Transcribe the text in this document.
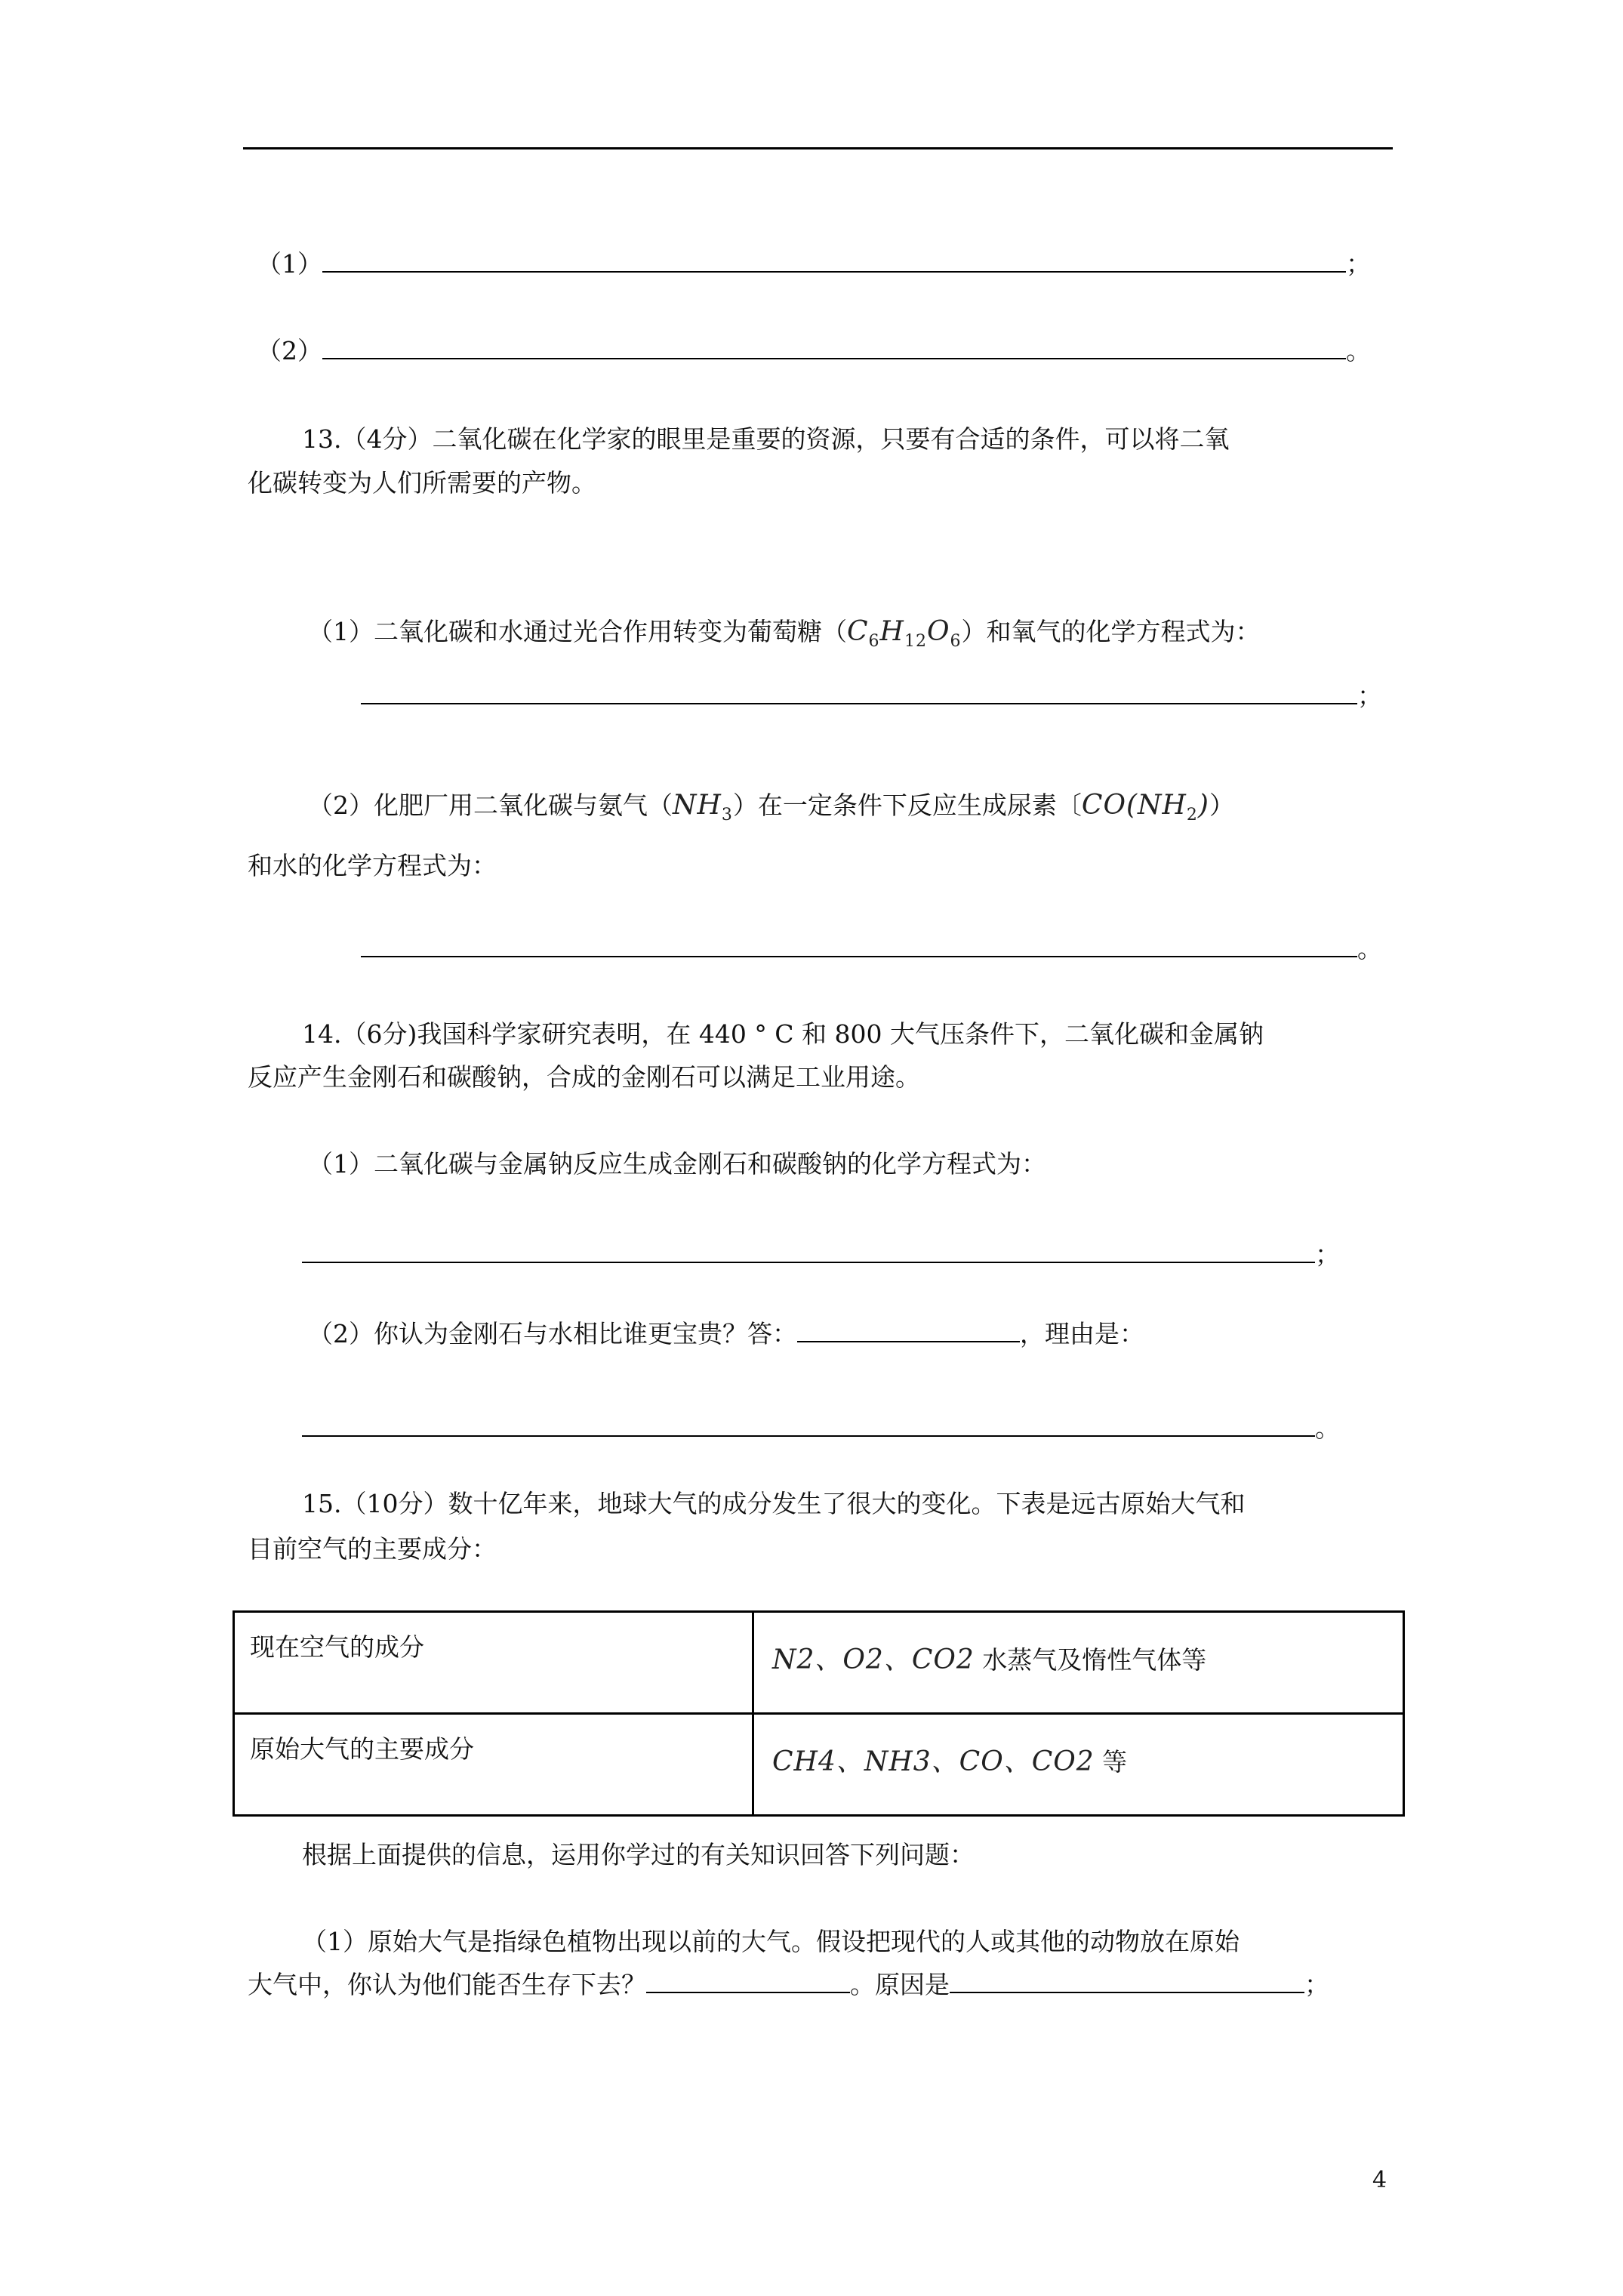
（1）	；
（2）	。
13.（4分）二氧化碳在化学家的眼里是重要的资源，只要有合适的条件，可以将二氧
化碳转变为人们所需要的产物。
（1）二氧化碳和水通过光合作用转变为葡萄糖$(C_6H_{12}O_6)$和氧气的化学方程式为：
；
（2）化肥厂用二氧化碳与氨气$(NH_3)$在一定条件下反应生成尿素〔$CO(NH_2)$）
和水的化学方程式为：
。
14.（6分)我国科学家研究表明，在 440 ° C 和 800 大气压条件下，二氧化碳和金属钠
反应产生金刚石和碳酸钠，合成的金刚石可以满足工业用途。
（1）二氧化碳与金属钠反应生成金刚石和碳酸钠的化学方程式为：
；
（2）你认为金刚石与水相比谁更宝贵？答：	，理由是：
。
15.（10分）数十亿年来，地球大气的成分发生了很大的变化。下表是远古原始大气和
目前空气的主要成分：
现在空气的成分	N2、O2、CO2 水蒸气及惰性气体等
原始大气的主要成分	CH4、NH3、CO、CO2 等
根据上面提供的信息，运用你学过的有关知识回答下列问题：
（1）原始大气是指绿色植物出现以前的大气。假设把现代的人或其他的动物放在原始
大气中，你认为他们能否生存下去？	。原因是	；
4
